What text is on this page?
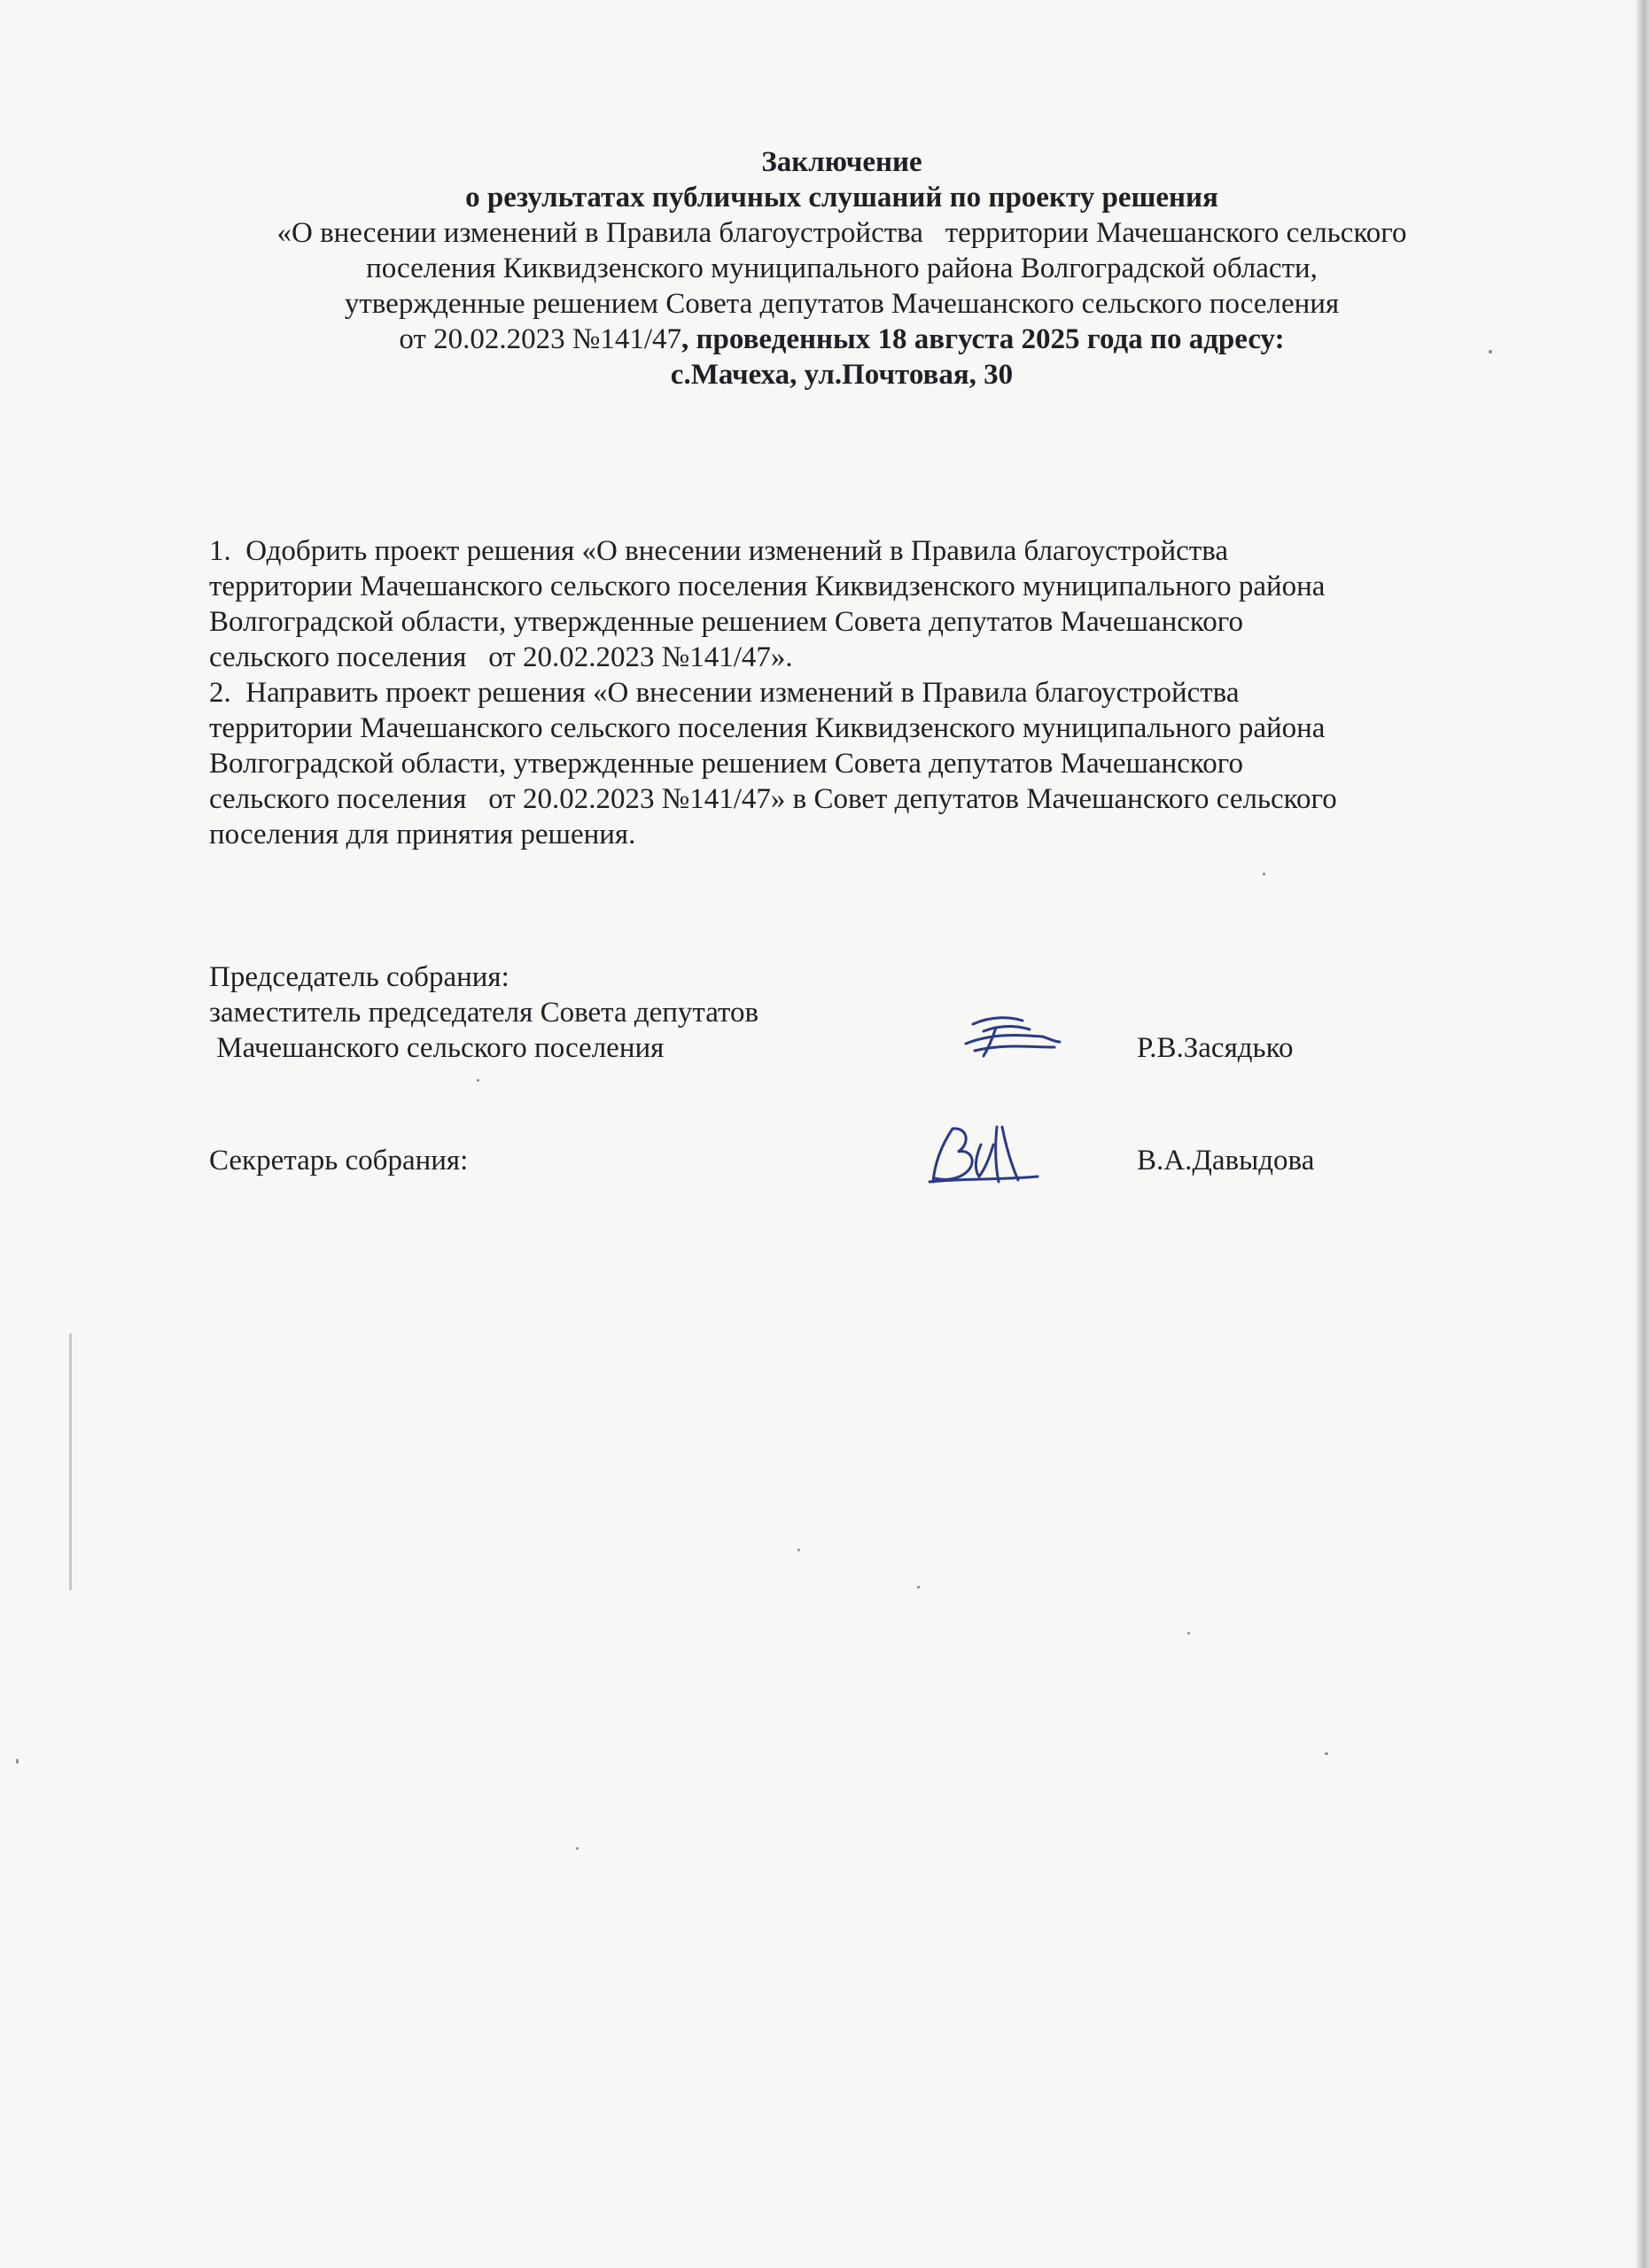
Заключение
о результатах публичных слушаний по проекту решения
«О внесении изменений в Правила благоустройства   территории Мачешанского сельского
поселения Киквидзенского муниципального района Волгоградской области,
утвержденные решением Совета депутатов Мачешанского сельского поселения
от 20.02.2023 №141/47, проведенных 18 августа 2025 года по адресу:
с.Мачеха, ул.Почтовая, 30
1.  Одобрить проект решения «О внесении изменений в Правила благоустройства
территории Мачешанского сельского поселения Киквидзенского муниципального района
Волгоградской области, утвержденные решением Совета депутатов Мачешанского
сельского поселения   от 20.02.2023 №141/47».
2.  Направить проект решения «О внесении изменений в Правила благоустройства
территории Мачешанского сельского поселения Киквидзенского муниципального района
Волгоградской области, утвержденные решением Совета депутатов Мачешанского
сельского поселения   от 20.02.2023 №141/47» в Совет депутатов Мачешанского сельского
поселения для принятия решения.
Председатель собрания:
заместитель председателя Совета депутатов
Мачешанского сельского поселения	Р.В.Засядько
Секретарь собрания:	В.А.Давыдова
